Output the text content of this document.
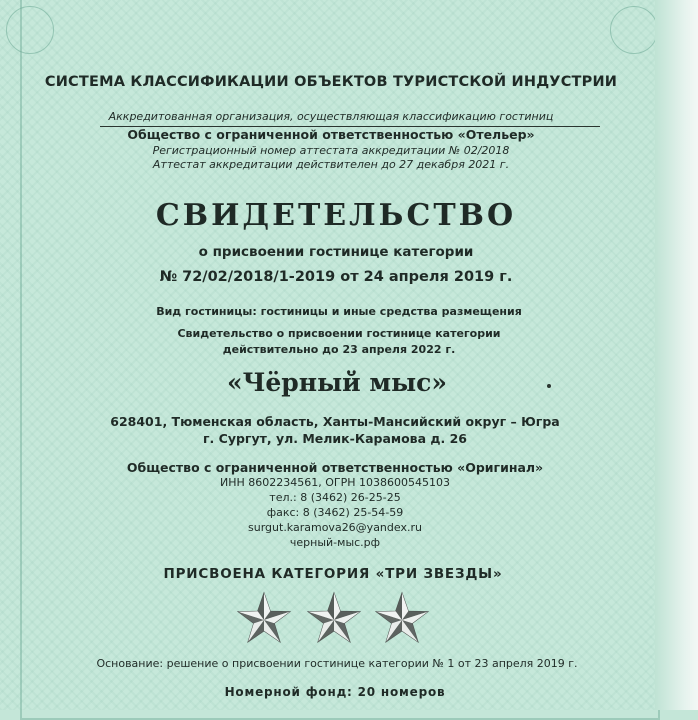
СИСТЕМА КЛАССИФИКАЦИИ ОБЪЕКТОВ ТУРИСТСКОЙ ИНДУСТРИИ
Аккредитованная организация, осуществляющая классификацию гостиниц
Общество с ограниченной ответственностью «Отельер»
Регистрационный номер аттестата аккредитации № 02/2018
Аттестат аккредитации действителен до 27 декабря 2021 г.
СВИДЕТЕЛЬСТВО
о присвоении гостинице категории
№ 72/02/2018/1-2019 от 24 апреля 2019 г.
Вид гостиницы: гостиницы и иные средства размещения
Свидетельство о присвоении гостинице категории
действительно до 23 апреля 2022 г.
«Чёрный мыс»
628401, Тюменская область, Ханты-Мансийский округ – Югра
г. Сургут, ул. Мелик-Карамова д. 26
Общество с ограниченной ответственностью «Оригинал»
ИНН 8602234561, ОГРН 1038600545103
тел.: 8 (3462) 26-25-25
факс: 8 (3462) 25-54-59
surgut.karamova26@yandex.ru
черный-мыс.рф
ПРИСВОЕНА КАТЕГОРИЯ «ТРИ ЗВЕЗДЫ»
Основание: решение о присвоении гостинице категории № 1 от 23 апреля 2019 г.
Номерной фонд: 20 номеров
